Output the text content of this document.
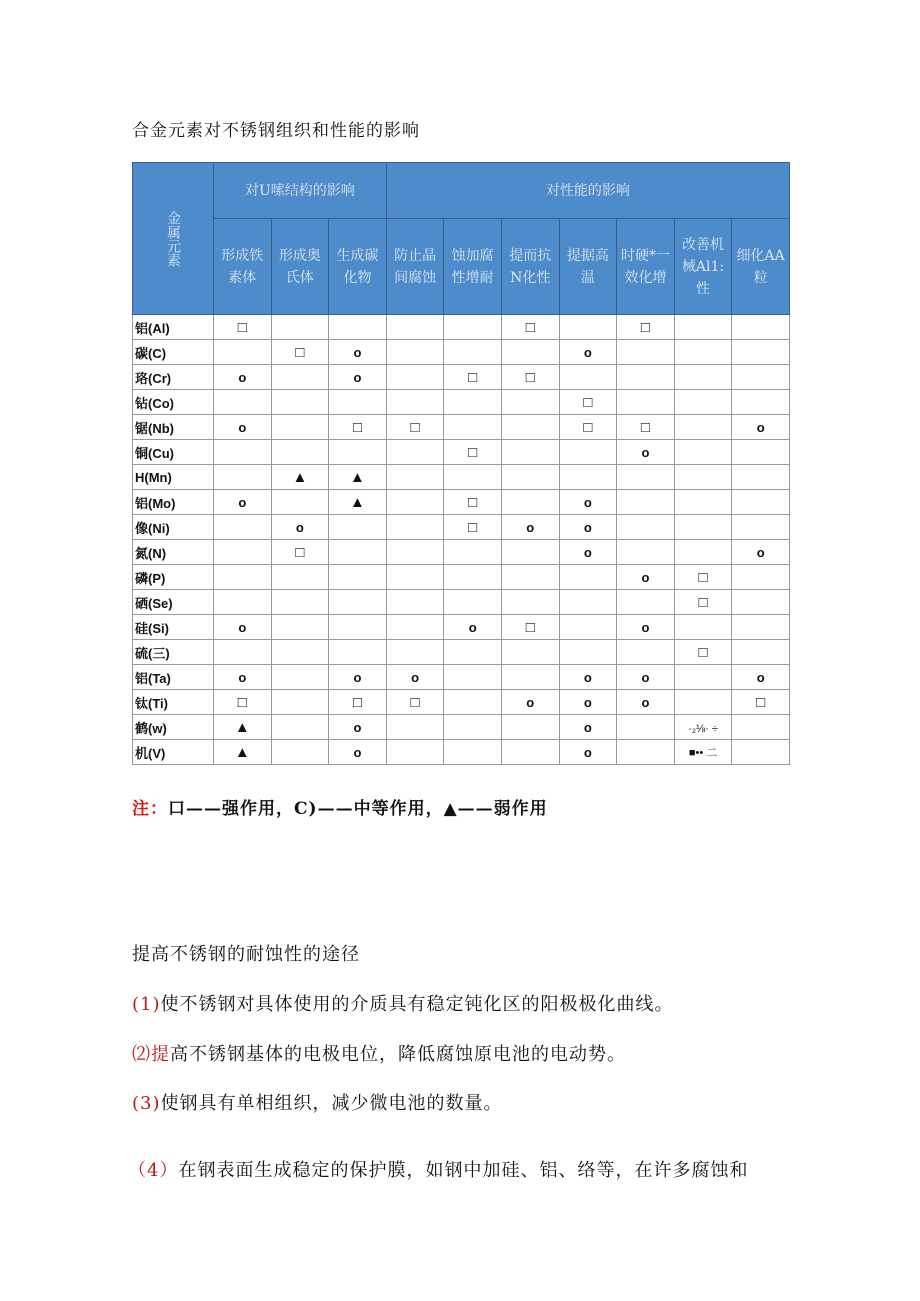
合金元素对不锈钢组织和性能的影响
金属元素	对U嗦结构的影响			对性能的影响						
	形成铁素体	形成奥氏体	生成碳化物	防止晶间腐蚀	蚀加腐性增耐	提而抗N化性	提据高温	时硬*一效化增	改善机械Al1:性	细化AA粒
铝(Al)	□					□		□		
碳(C)		□	o				o			
珞(Cr)	o		o		□	□				
钻(Co)							□			
锯(Nb)	o		□	□			□	□		o
铜(Cu)					□			o		
H(Mn)		▲	▲							
铝(Mo)	o		▲		□		o			
像(Ni)		o			□	o	o			
氮(N)		□					o			o
磷(P)								o	□	
硒(Se)									□	
硅(Si)	o				o	□		o		
硫(三)									□	
铝(Ta)	o		o	o			o	o		o
钛(Ti)	□		□	□		o	o	o		□
鹤(w)	▲		o				o		·₂⅛· ÷	
机(V)	▲		o				o		■•• 二	
注：口——强作用，C)——中等作用，▲——弱作用
提高不锈钢的耐蚀性的途径
(1)使不锈钢对具体使用的介质具有稳定钝化区的阳极极化曲线。
⑵提高不锈钢基体的电极电位，降低腐蚀原电池的电动势。
(3)使钢具有单相组织，减少微电池的数量。
（4）在钢表面生成稳定的保护膜，如钢中加硅、铝、络等，在许多腐蚀和
